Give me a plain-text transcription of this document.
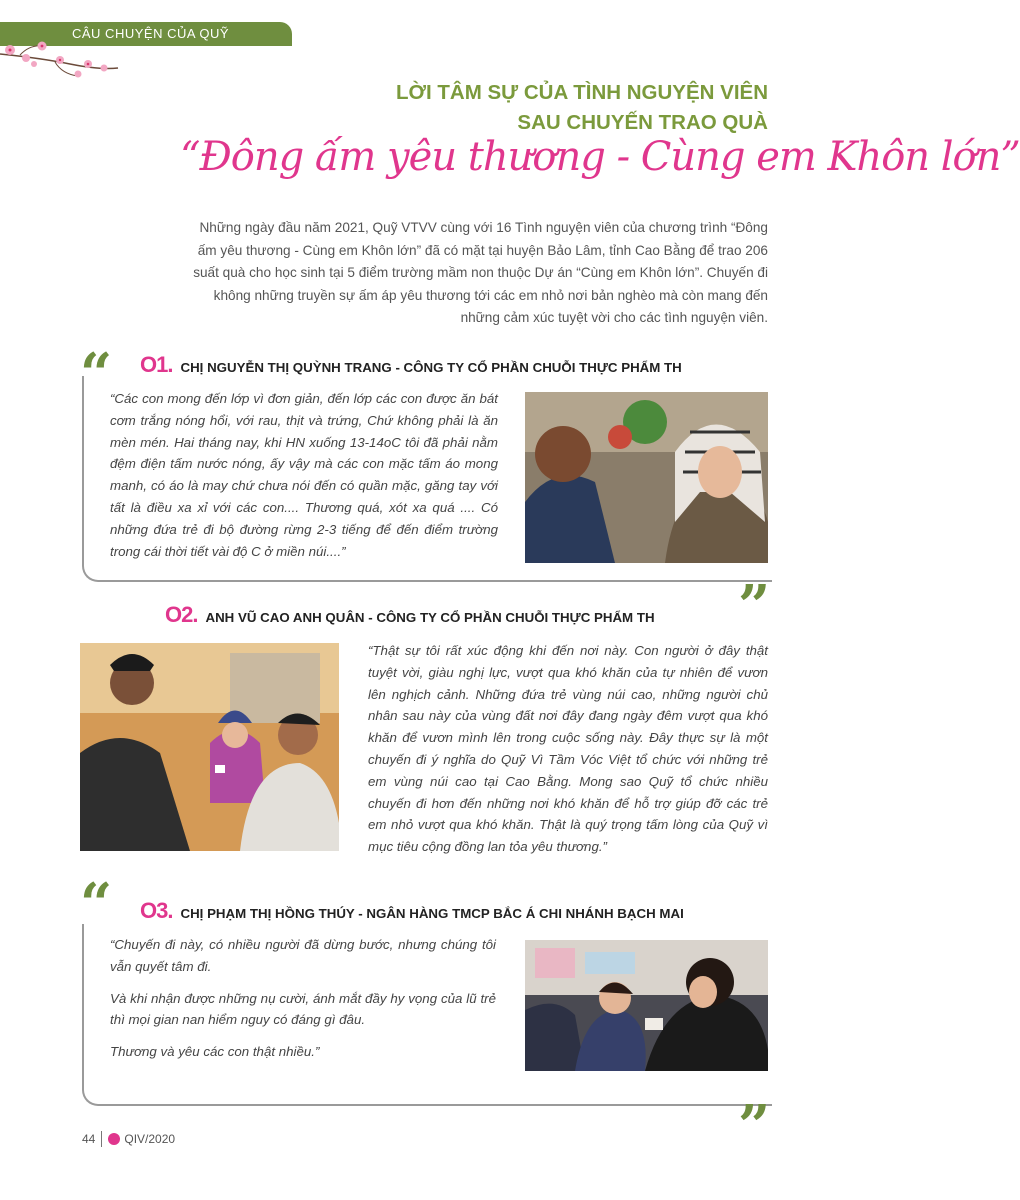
CÂU CHUYỆN CỦA QUỸ
LỜI TÂM SỰ CỦA TÌNH NGUYỆN VIÊN
SAU CHUYẾN TRAO QUÀ
“Đông ấm yêu thương - Cùng em Khôn lớn”
Những ngày đầu năm 2021, Quỹ VTVV cùng với 16 Tình nguyện viên của chương trình “Đông ấm yêu thương - Cùng em Khôn lớn” đã có mặt tại huyện Bảo Lâm, tỉnh Cao Bằng để trao 206 suất quà cho học sinh tại 5 điểm trường mầm non thuộc Dự án “Cùng em Khôn lớn”. Chuyến đi không những truyền sự ấm áp yêu thương tới các em nhỏ nơi bản nghèo mà còn mang đến những cảm xúc tuyệt vời cho các tình nguyện viên.
“ O1. CHỊ NGUYỄN THỊ QUỲNH TRANG - CÔNG TY CỔ PHẦN CHUỖI THỰC PHẨM TH
“Các con mong đến lớp vì đơn giản, đến lớp các con được ăn bát cơm trắng nóng hổi, với rau, thịt và trứng, Chứ không phải là ăn mèn mén. Hai tháng nay, khi HN xuống 13-14oC tôi đã phải nằm đệm điện tấm nước nóng, ấy vậy mà các con mặc tấm áo mong manh, có áo là may chứ chưa nói đến có quần mặc, găng tay với tất là điều xa xỉ với các con.... Thương quá, xót xa quá .... Có những đứa trẻ đi bộ đường rừng 2-3 tiếng để đến điểm trường trong cái thời tiết vài độ C ở miền núi....”
”
O2. ANH VŨ CAO ANH QUÂN - CÔNG TY CỔ PHẦN CHUỖI THỰC PHẨM TH
“Thật sự tôi rất xúc động khi đến nơi này. Con người ở đây thật tuyệt vời, giàu nghị lực, vượt qua khó khăn của tự nhiên để vươn lên nghịch cảnh. Những đứa trẻ vùng núi cao, những người chủ nhân sau này của vùng đất nơi đây đang ngày đêm vượt qua khó khăn để vươn mình lên trong cuộc sống này. Đây thực sự là một chuyến đi ý nghĩa do Quỹ Vì Tầm Vóc Việt tổ chức với những trẻ em vùng núi cao tại Cao Bằng. Mong sao Quỹ tổ chức nhiều chuyến đi hơn đến những nơi khó khăn để hỗ trợ giúp đỡ các trẻ em nhỏ vượt qua khó khăn. Thật là quý trọng tấm lòng của Quỹ vì mục tiêu cộng đồng lan tỏa yêu thương.”
“ O3. CHỊ PHẠM THỊ HỒNG THÚY - NGÂN HÀNG TMCP BẮC Á CHI NHÁNH BẠCH MAI

“Chuyến đi này, có nhiều người đã dừng bước, nhưng chúng tôi vẫn quyết tâm đi.

Và khi nhận được những nụ cười, ánh mắt đầy hy vọng của lũ trẻ thì mọi gian nan hiểm nguy có đáng gì đâu.

Thương và yêu các con thật nhiều.”

”
44 QIV/2020
